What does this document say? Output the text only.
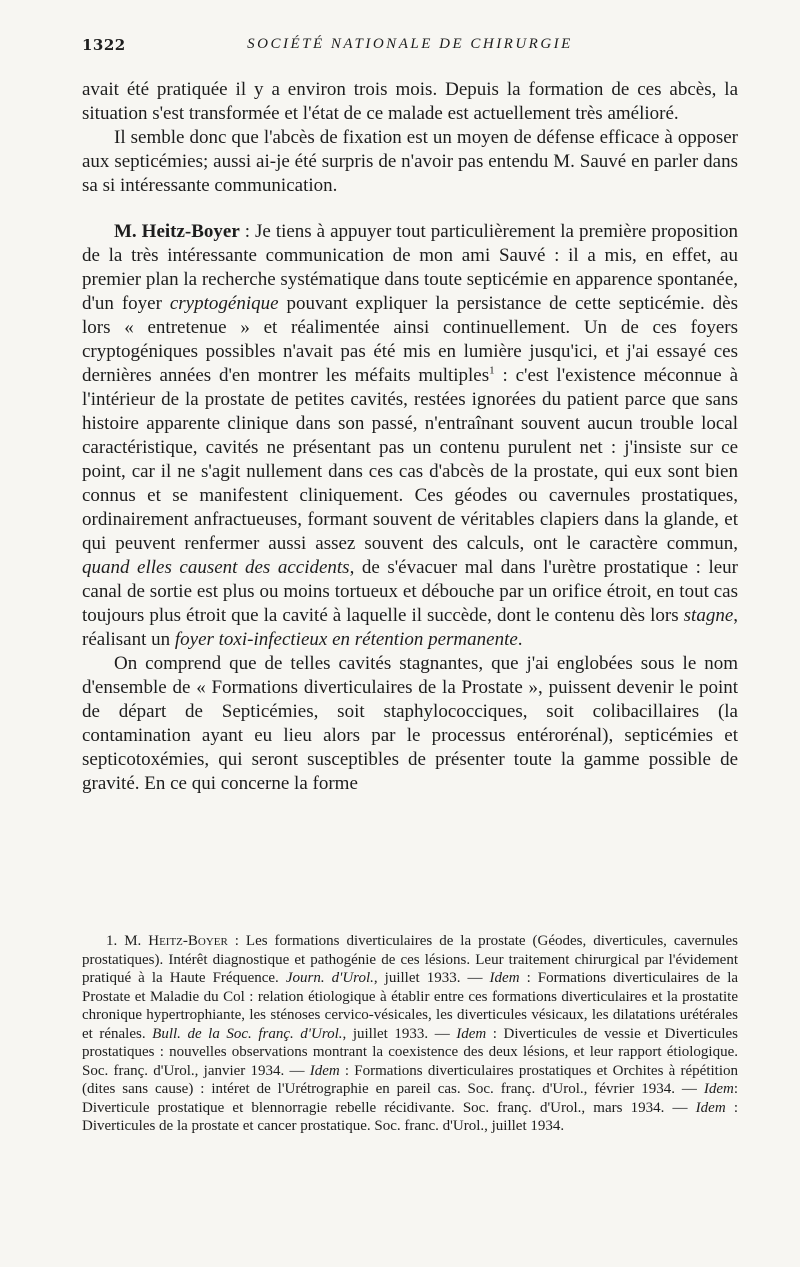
1322	SOCIÉTÉ NATIONALE DE CHIRURGIE

avait été pratiquée il y a environ trois mois. Depuis la formation de ces abcès, la situation s'est transformée et l'état de ce malade est actuellement très amélioré.

Il semble donc que l'abcès de fixation est un moyen de défense efficace à opposer aux septicémies; aussi ai-je été surpris de n'avoir pas entendu M. Sauvé en parler dans sa si intéressante communication.

M. Heitz-Boyer : Je tiens à appuyer tout particulièrement la première proposition de la très intéressante communication de mon ami Sauvé : il a mis, en effet, au premier plan la recherche systématique dans toute septicémie en apparence spontanée, d'un foyer cryptogénique pouvant expliquer la persistance de cette septicémie. dès lors « entretenue » et réalimentée ainsi continuellement. Un de ces foyers cryptogéniques possibles n'avait pas été mis en lumière jusqu'ici, et j'ai essayé ces dernières années d'en montrer les méfaits multiples$^1$ : c'est l'existence méconnue à l'intérieur de la prostate de petites cavités, restées ignorées du patient parce que sans histoire apparente clinique dans son passé, n'entraînant souvent aucun trouble local caractéristique, cavités ne présentant pas un contenu purulent net : j'insiste sur ce point, car il ne s'agit nullement dans ces cas d'abcès de la prostate, qui eux sont bien connus et se manifestent cliniquement. Ces géodes ou cavernules prostatiques, ordinairement anfractueuses, formant souvent de véritables clapiers dans la glande, et qui peuvent renfermer aussi assez souvent des calculs, ont le caractère commun, quand elles causent des accidents, de s'évacuer mal dans l'urètre prostatique : leur canal de sortie est plus ou moins tortueux et débouche par un orifice étroit, en tout cas toujours plus étroit que la cavité à laquelle il succède, dont le contenu dès lors stagne, réalisant un foyer toxi-infectieux en rétention permanente.

On comprend que de telles cavités stagnantes, que j'ai englobées sous le nom d'ensemble de « Formations diverticulaires de la Prostate », puissent devenir le point de départ de Septicémies, soit staphylococciques, soit colibacillaires (la contamination ayant eu lieu alors par le processus entérorénal), septicémies et septicotoxémies, qui seront susceptibles de présenter toute la gamme possible de gravité. En ce qui concerne la forme

1. M. Heitz-Boyer : Les formations diverticulaires de la prostate (Géodes, diverticules, cavernules prostatiques). Intérêt diagnostique et pathogénie de ces lésions. Leur traitement chirurgical par l'évidement pratiqué à la Haute Fréquence. Journ. d'Urol., juillet 1933. — Idem : Formations diverticulaires de la Prostate et Maladie du Col : relation étiologique à établir entre ces formations diverticulaires et la prostatite chronique hypertrophiante, les sténoses cervico-vésicales, les diverticules vésicaux, les dilatations urétérales et rénales. Bull. de la Soc. franç. d'Urol., juillet 1933. — Idem : Diverticules de vessie et Diverticules prostatiques : nouvelles observations montrant la coexistence des deux lésions, et leur rapport étiologique. Soc. franç. d'Urol., janvier 1934. — Idem : Formations diverticulaires prostatiques et Orchites à répétition (dites sans cause) : intéret de l'Urétrographie en pareil cas. Soc. franç. d'Urol., février 1934. — Idem: Diverticule prostatique et blennorragie rebelle récidivante. Soc. franç. d'Urol., mars 1934. — Idem : Diverticules de la prostate et cancer prostatique. Soc. franc. d'Urol., juillet 1934.
